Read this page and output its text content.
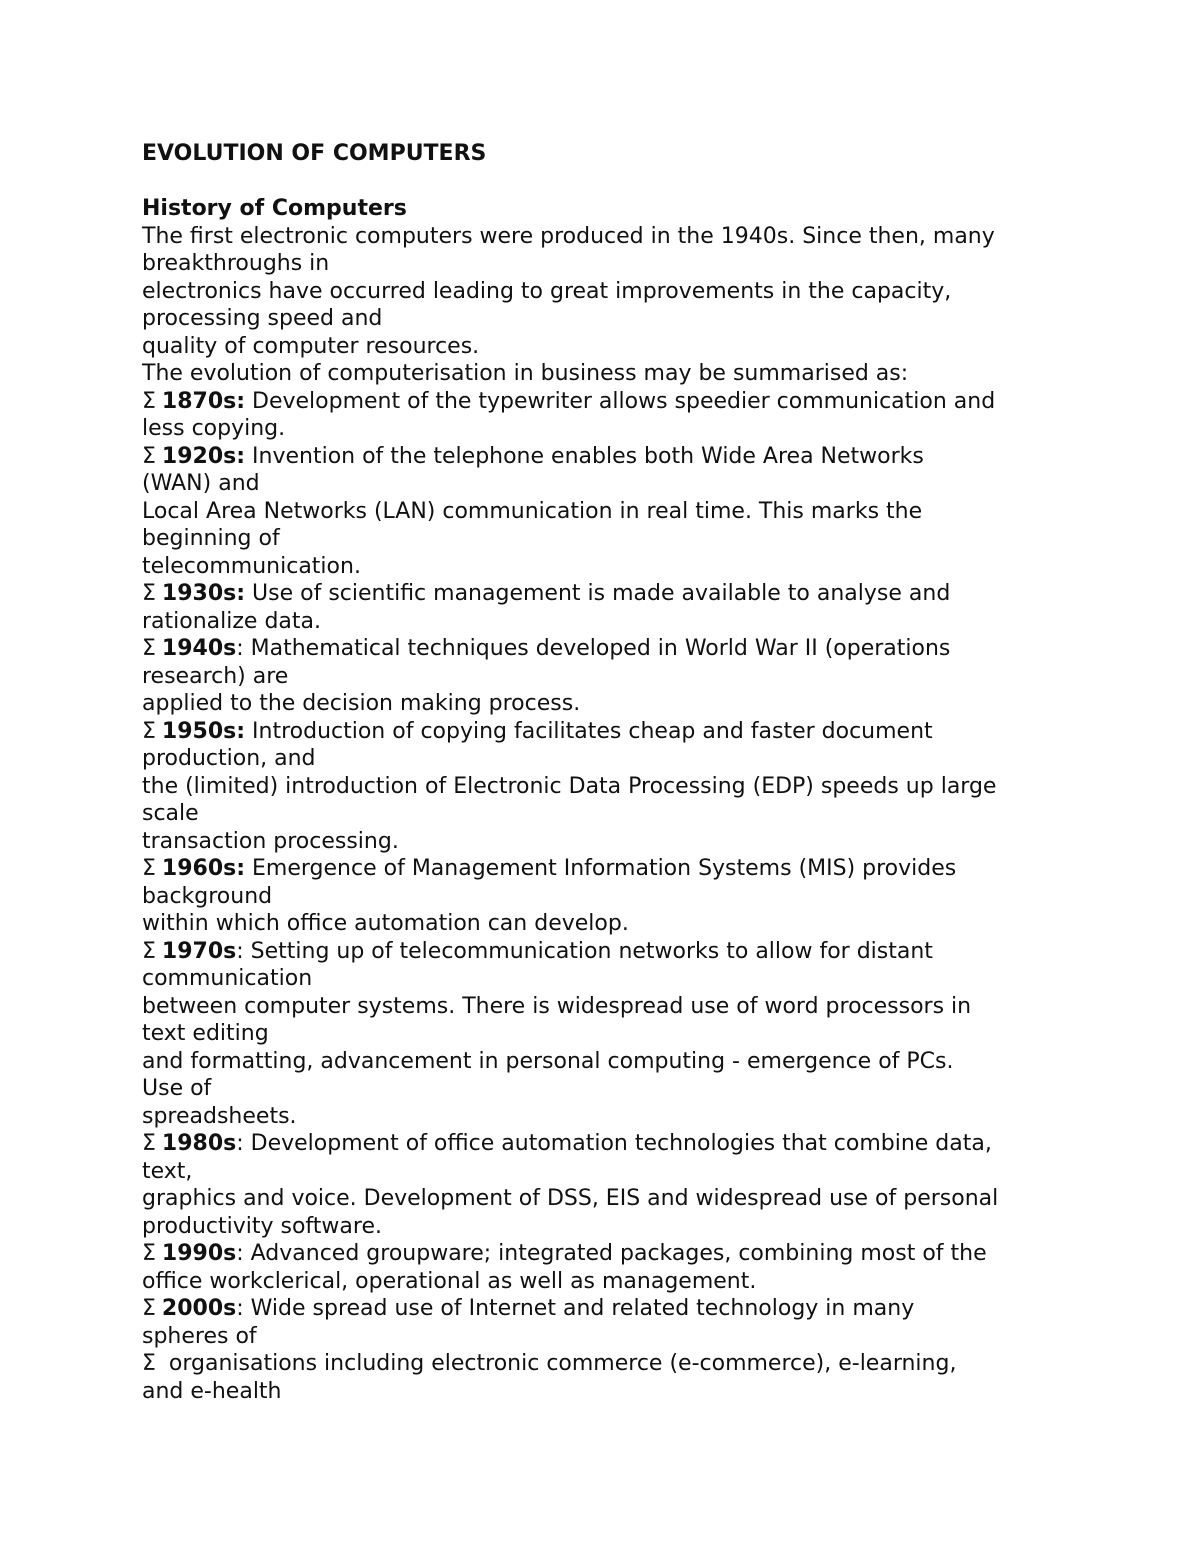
EVOLUTION OF COMPUTERS
History of Computers
The first electronic computers were produced in the 1940s. Since then, many
breakthroughs in
electronics have occurred leading to great improvements in the capacity,
processing speed and
quality of computer resources.
The evolution of computerisation in business may be summarised as:
Σ 1870s: Development of the typewriter allows speedier communication and
less copying.
Σ 1920s: Invention of the telephone enables both Wide Area Networks
(WAN) and
Local Area Networks (LAN) communication in real time. This marks the
beginning of
telecommunication.
Σ 1930s: Use of scientific management is made available to analyse and
rationalize data.
Σ 1940s: Mathematical techniques developed in World War II (operations
research) are
applied to the decision making process.
Σ 1950s: Introduction of copying facilitates cheap and faster document
production, and
the (limited) introduction of Electronic Data Processing (EDP) speeds up large
scale
transaction processing.
Σ 1960s: Emergence of Management Information Systems (MIS) provides
background
within which office automation can develop.
Σ 1970s: Setting up of telecommunication networks to allow for distant
communication
between computer systems. There is widespread use of word processors in
text editing
and formatting, advancement in personal computing - emergence of PCs.
Use of
spreadsheets.
Σ 1980s: Development of office automation technologies that combine data,
text,
graphics and voice. Development of DSS, EIS and widespread use of personal
productivity software.
Σ 1990s: Advanced groupware; integrated packages, combining most of the
office workclerical, operational as well as management.
Σ 2000s: Wide spread use of Internet and related technology in many
spheres of
Σ organisations including electronic commerce (e-commerce), e-learning,
and e-health
